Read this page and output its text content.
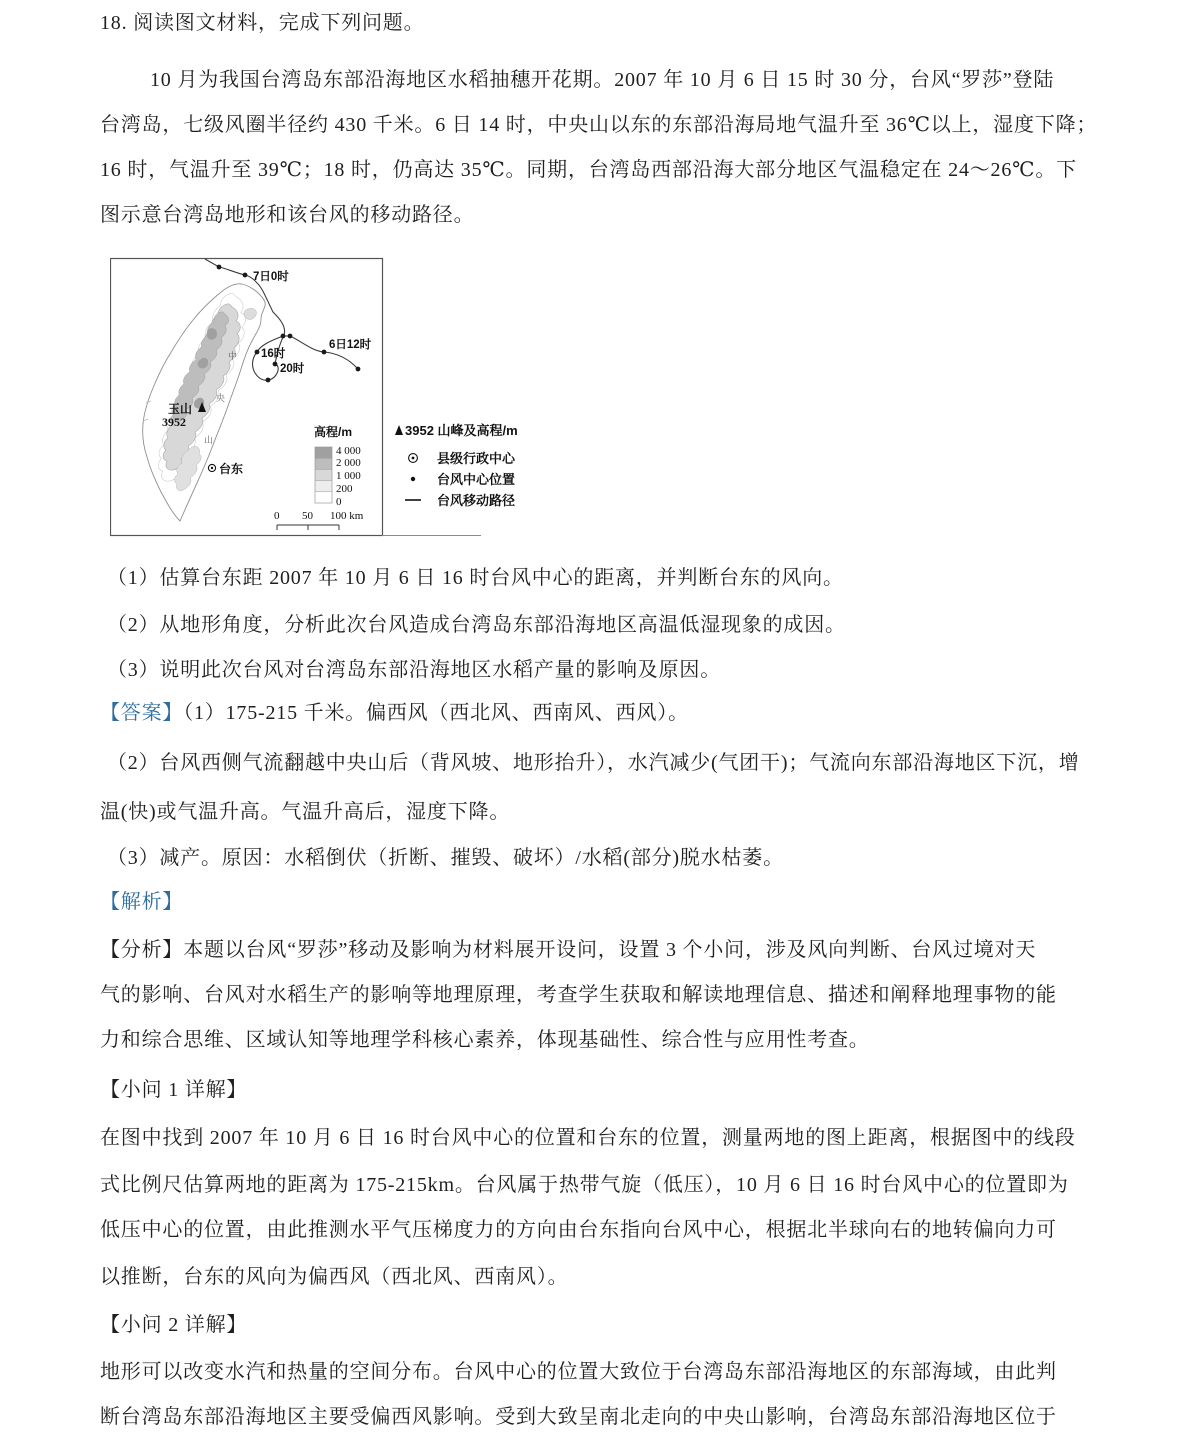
18. 阅读图文材料，完成下列问题。
10 月为我国台湾岛东部沿海地区水稻抽穗开花期。2007 年 10 月 6 日 15 时 30 分，台风“罗莎”登陆
台湾岛，七级风圈半径约 430 千米。6 日 14 时，中央山以东的东部沿海局地气温升至 36℃以上，湿度下降；
16 时，气温升至 39℃；18 时，仍高达 35℃。同期，台湾岛西部沿海大部分地区气温稳定在 24～26℃。下
图示意台湾岛地形和该台风的移动路径。
中
央
山
7日0时
6日12时
16时
20时
玉山
3952
台东
高程/m
4 000
2 000
1 000
200
0
0 50 100 km
3952 山峰及高程/m
县级行政中心
台风中心位置
台风移动路径
（1）估算台东距 2007 年 10 月 6 日 16 时台风中心的距离，并判断台东的风向。
（2）从地形角度，分析此次台风造成台湾岛东部沿海地区高温低湿现象的成因。
（3）说明此次台风对台湾岛东部沿海地区水稻产量的影响及原因。
【答案】（1）175-215 千米。偏西风（西北风、西南风、西风）。
（2）台风西侧气流翻越中央山后（背风坡、地形抬升），水汽减少(气团干)；气流向东部沿海地区下沉，增
温(快)或气温升高。气温升高后，湿度下降。
（3）减产。原因：水稻倒伏（折断、摧毁、破坏）/水稻(部分)脱水枯萎。
【解析】
【分析】本题以台风“罗莎”移动及影响为材料展开设问，设置 3 个小问，涉及风向判断、台风过境对天
气的影响、台风对水稻生产的影响等地理原理，考查学生获取和解读地理信息、描述和阐释地理事物的能
力和综合思维、区域认知等地理学科核心素养，体现基础性、综合性与应用性考查。
【小问 1 详解】
在图中找到 2007 年 10 月 6 日 16 时台风中心的位置和台东的位置，测量两地的图上距离，根据图中的线段
式比例尺估算两地的距离为 175-215km。台风属于热带气旋（低压），10 月 6 日 16 时台风中心的位置即为
低压中心的位置，由此推测水平气压梯度力的方向由台东指向台风中心，根据北半球向右的地转偏向力可
以推断，台东的风向为偏西风（西北风、西南风）。
【小问 2 详解】
地形可以改变水汽和热量的空间分布。台风中心的位置大致位于台湾岛东部沿海地区的东部海域，由此判
断台湾岛东部沿海地区主要受偏西风影响。受到大致呈南北走向的中央山影响，台湾岛东部沿海地区位于
